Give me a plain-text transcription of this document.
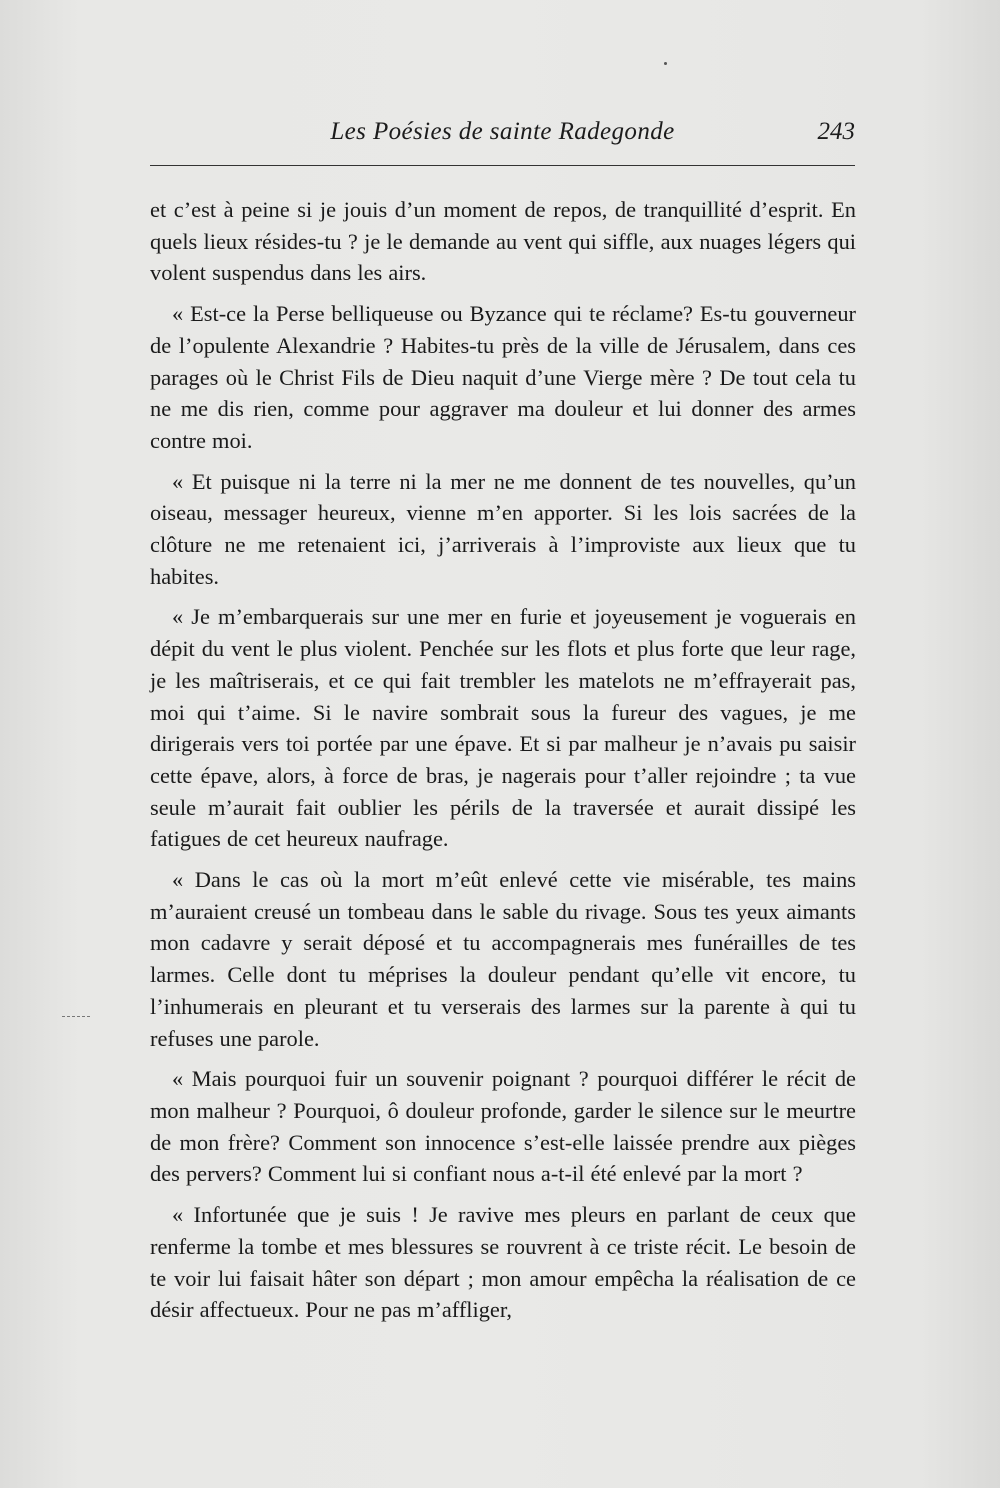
Les Poésies de sainte Radegonde	243

et c’est à peine si je jouis d’un moment de repos, de tranquillité d’esprit. En quels lieux résides-tu ? je le demande au vent qui siffle, aux nuages légers qui volent suspendus dans les airs.

« Est-ce la Perse belliqueuse ou Byzance qui te réclame? Es-tu gouverneur de l’opulente Alexandrie ? Habites-tu près de la ville de Jérusalem, dans ces parages où le Christ Fils de Dieu naquit d’une Vierge mère ? De tout cela tu ne me dis rien, comme pour aggraver ma douleur et lui donner des armes contre moi.

« Et puisque ni la terre ni la mer ne me donnent de tes nouvelles, qu’un oiseau, messager heureux, vienne m’en apporter. Si les lois sacrées de la clôture ne me retenaient ici, j’arriverais à l’improviste aux lieux que tu habites.

« Je m’embarquerais sur une mer en furie et joyeusement je voguerais en dépit du vent le plus violent. Penchée sur les flots et plus forte que leur rage, je les maîtriserais, et ce qui fait trembler les matelots ne m’effrayerait pas, moi qui t’aime. Si le navire sombrait sous la fureur des vagues, je me dirigerais vers toi portée par une épave. Et si par malheur je n’avais pu saisir cette épave, alors, à force de bras, je nagerais pour t’aller rejoindre ; ta vue seule m’aurait fait oublier les périls de la traversée et aurait dissipé les fatigues de cet heureux naufrage.

« Dans le cas où la mort m’eût enlevé cette vie misérable, tes mains m’auraient creusé un tombeau dans le sable du rivage. Sous tes yeux aimants mon cadavre y serait déposé et tu accompagnerais mes funérailles de tes larmes. Celle dont tu méprises la douleur pendant qu’elle vit encore, tu l’inhumerais en pleurant et tu verserais des larmes sur la parente à qui tu refuses une parole.

« Mais pourquoi fuir un souvenir poignant ? pourquoi différer le récit de mon malheur ? Pourquoi, ô douleur profonde, garder le silence sur le meurtre de mon frère? Comment son innocence s’est-elle laissée prendre aux pièges des pervers? Comment lui si confiant nous a-t-il été enlevé par la mort ?

« Infortunée que je suis ! Je ravive mes pleurs en parlant de ceux que renferme la tombe et mes blessures se rouvrent à ce triste récit. Le besoin de te voir lui faisait hâter son départ ; mon amour empêcha la réalisation de ce désir affectueux. Pour ne pas m’affliger,
